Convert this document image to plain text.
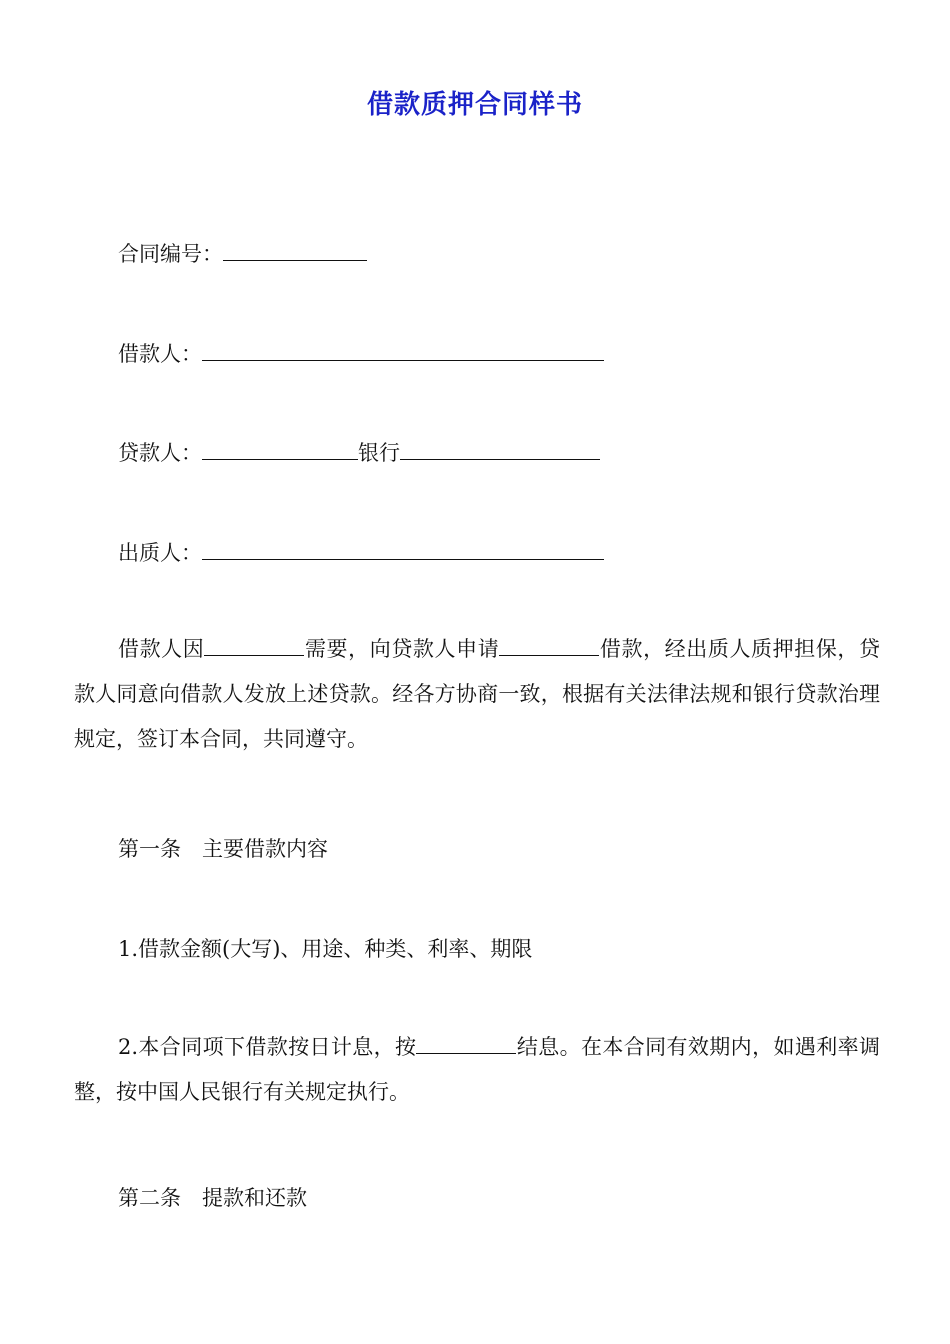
借款质押合同样书
合同编号：
借款人：
贷款人：	银行
出质人：
借款人因	需要，向贷款人申请	借款，经出质人质押担保，贷款人同意向借款人发放上述贷款。经各方协商一致，根据有关法律法规和银行贷款治理规定，签订本合同，共同遵守。
第一条　主要借款内容
1.借款金额(大写)、用途、种类、利率、期限
2.本合同项下借款按日计息，按	结息。在本合同有效期内，如遇利率调整，按中国人民银行有关规定执行。
第二条　提款和还款
